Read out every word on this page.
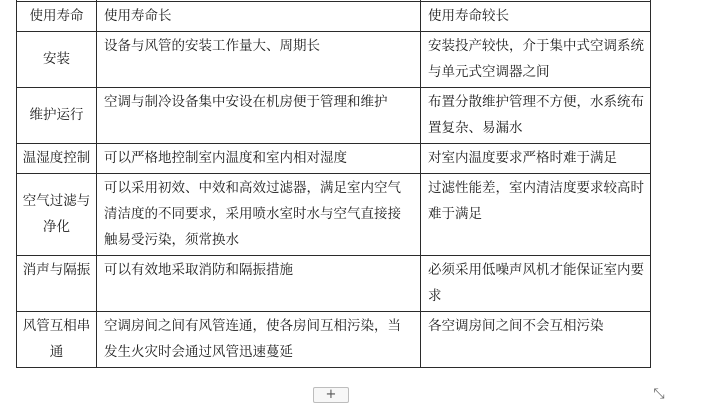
使用寿命	使用寿命长	使用寿命较长
安装	设备与风管的安装工作量大、周期长	安装投产较快，介于集中式空调系统与单元式空调器之间
维护运行	空调与制冷设备集中安设在机房便于管理和维护	布置分散维护管理不方便，水系统布置复杂、易漏水
温湿度控制	可以严格地控制室内温度和室内相对湿度	对室内温度要求严格时难于满足
空气过滤与净化	可以采用初效、中效和高效过滤器，满足室内空气清洁度的不同要求，采用喷水室时水与空气直接接触易受污染，须常换水	过滤性能差，室内清洁度要求较高时难于满足
消声与隔振	可以有效地采取消防和隔振措施	必须采用低噪声风机才能保证室内要求
风管互相串通	空调房间之间有风管连通，使各房间互相污染，当发生火灾时会通过风管迅速蔓延	各空调房间之间不会互相污染
+	⤡
